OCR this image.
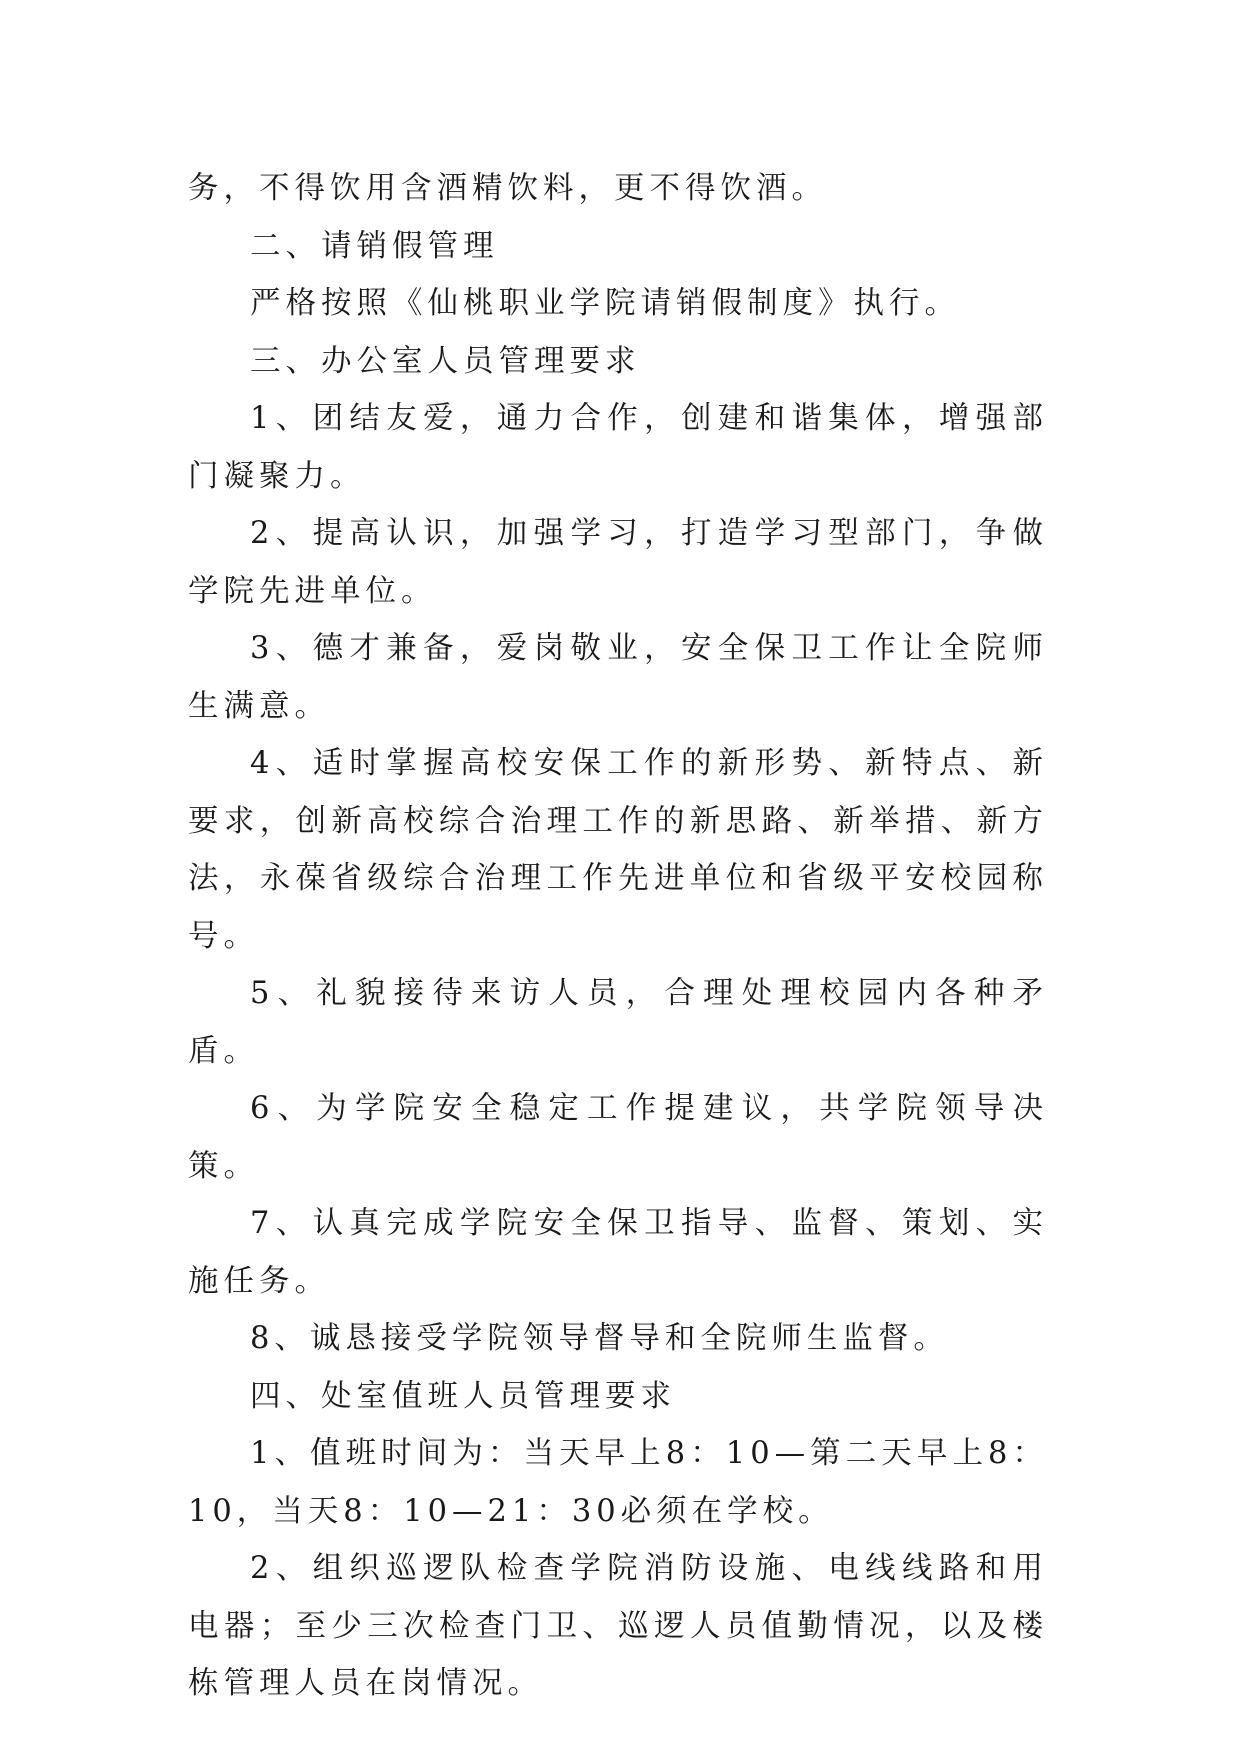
务，不得饮用含酒精饮料，更不得饮酒。

二、请销假管理

严格按照《仙桃职业学院请销假制度》执行。

三、办公室人员管理要求

1、团结友爱，通力合作，创建和谐集体，增强部门凝聚力。

2、提高认识，加强学习，打造学习型部门，争做学院先进单位。

3、德才兼备，爱岗敬业，安全保卫工作让全院师生满意。

4、适时掌握高校安保工作的新形势、新特点、新要求，创新高校综合治理工作的新思路、新举措、新方法，永葆省级综合治理工作先进单位和省级平安校园称号。

5、礼貌接待来访人员，合理处理校园内各种矛盾。

6、为学院安全稳定工作提建议，共学院领导决策。

7、认真完成学院安全保卫指导、监督、策划、实施任务。

8、诚恳接受学院领导督导和全院师生监督。

四、处室值班人员管理要求

1、值班时间为：当天早上8：10—第二天早上8：10，当天8：10—21：30必须在学校。

2、组织巡逻队检查学院消防设施、电线线路和用电器；至少三次检查门卫、巡逻人员值勤情况，以及楼栋管理人员在岗情况。
